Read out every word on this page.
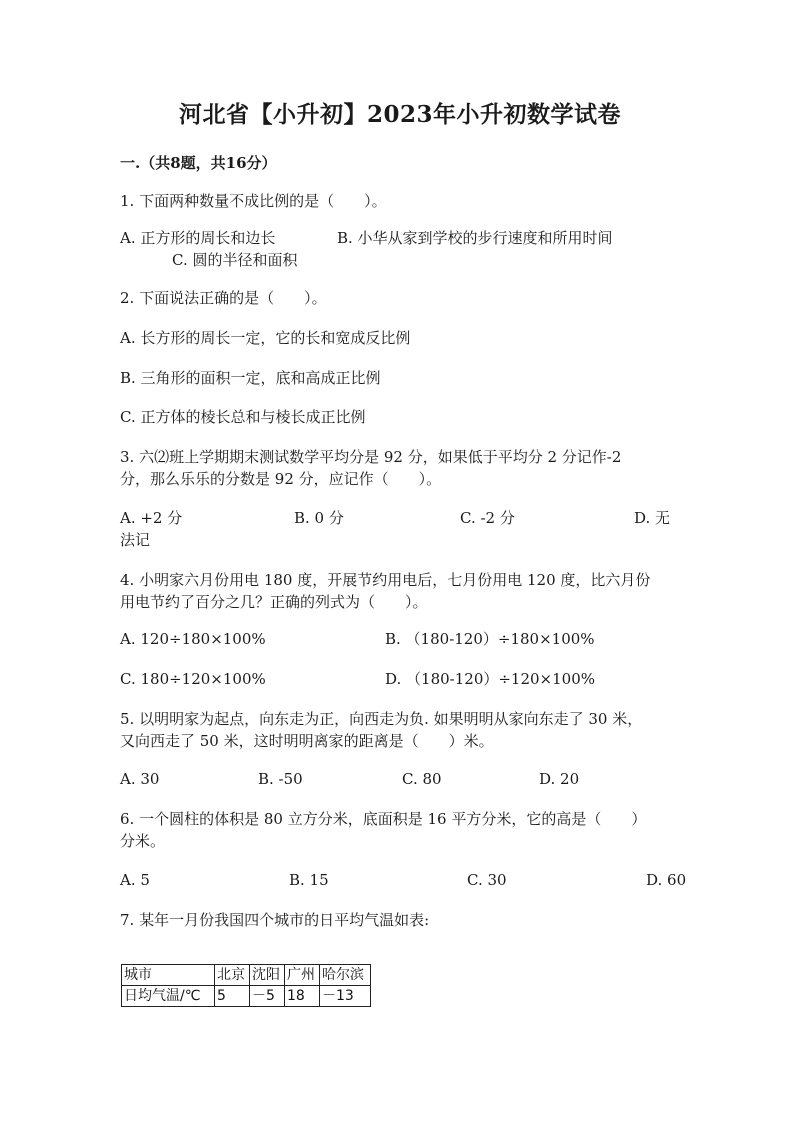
河北省【小升初】2023年小升初数学试卷
一.（共8题，共16分）
1. 下面两种数量不成比例的是（　　）。
A. 正方形的周长和边长	B. 小华从家到学校的步行速度和所用时间
C. 圆的半径和面积
2. 下面说法正确的是（　　）。
A. 长方形的周长一定，它的长和宽成反比例
B. 三角形的面积一定，底和高成正比例
C. 正方体的棱长总和与棱长成正比例
3. 六⑵班上学期期末测试数学平均分是 92 分，如果低于平均分 2 分记作-2
分，那么乐乐的分数是 92 分，应记作（　　）。
A. +2 分	B. 0 分	C. -2 分	D. 无
法记
4. 小明家六月份用电 180 度，开展节约用电后，七月份用电 120 度，比六月份
用电节约了百分之几？正确的列式为（　　）。
A. 120÷180×100%	B. （180-120）÷180×100%
C. 180÷120×100%	D. （180-120）÷120×100%
5. 以明明家为起点，向东走为正，向西走为负. 如果明明从家向东走了 30 米，
又向西走了 50 米，这时明明离家的距离是（　　）米。
A. 30	B. -50	C. 80	D. 20
6. 一个圆柱的体积是 80 立方分米，底面积是 16 平方分米，它的高是（　　）
分米。
A. 5	B. 15	C. 30	D. 60
7. 某年一月份我国四个城市的日平均气温如表:
城市	北京	沈阳	广州	哈尔滨
日均气温/℃	5	－5	18	－13
